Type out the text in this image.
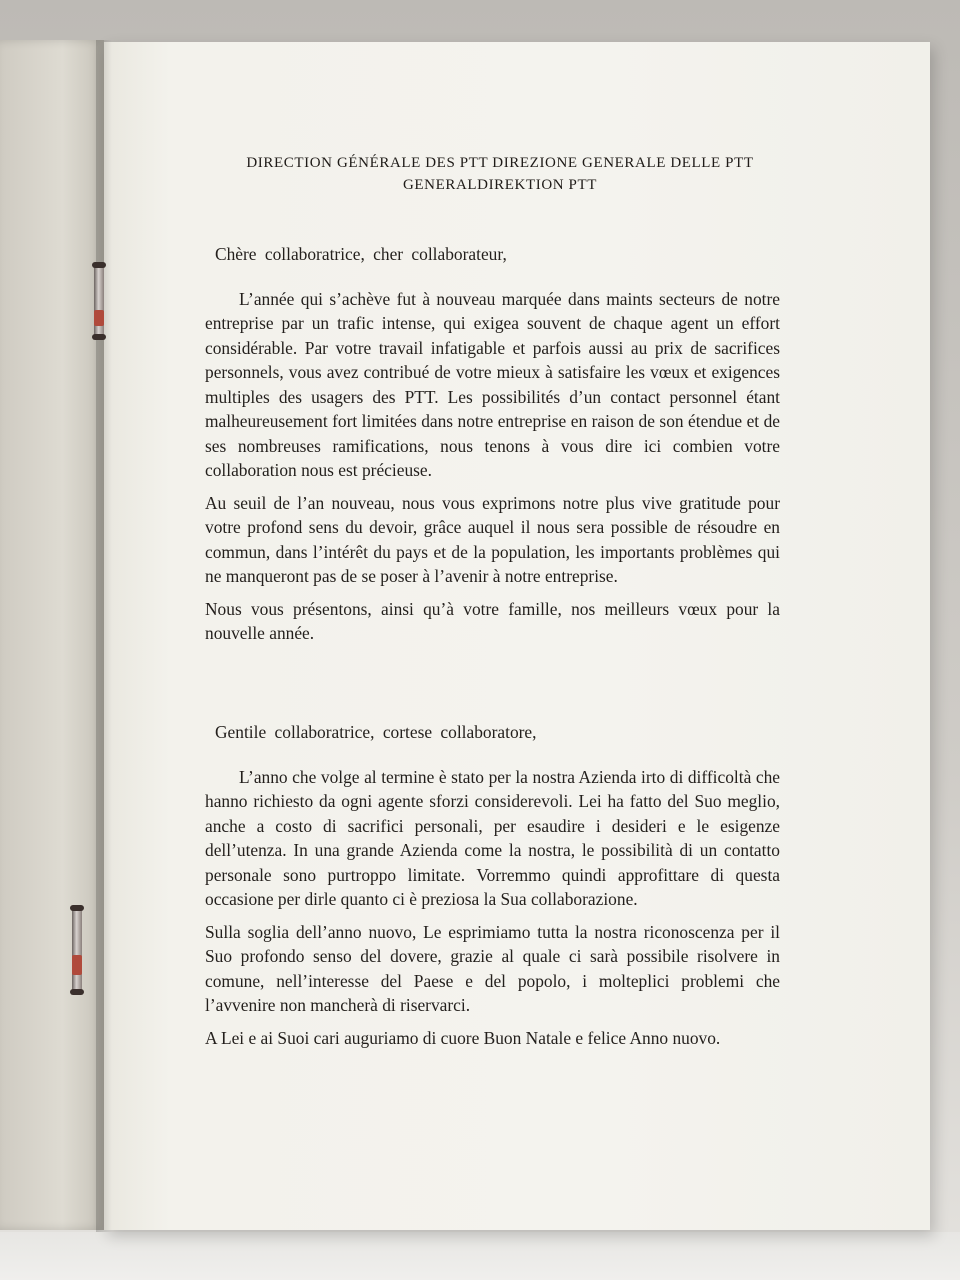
DIRECTION GÉNÉRALE DES PTT DIREZIONE GENERALE DELLE PTT
GENERALDIREKTION PTT
Chère collaboratrice, cher collaborateur,

L’année qui s’achève fut à nouveau marquée dans maints secteurs de notre entreprise par un trafic intense, qui exigea souvent de chaque agent un effort considérable. Par votre travail infatigable et parfois aussi au prix de sacrifices personnels, vous avez contribué de votre mieux à satisfaire les vœux et exigences multiples des usagers des PTT. Les possibilités d’un contact personnel étant malheureusement fort limitées dans notre entreprise en raison de son étendue et de ses nombreuses ramifications, nous tenons à vous dire ici combien votre collaboration nous est précieuse.

Au seuil de l’an nouveau, nous vous exprimons notre plus vive gratitude pour votre profond sens du devoir, grâce auquel il nous sera possible de résoudre en commun, dans l’intérêt du pays et de la population, les importants problèmes qui ne manqueront pas de se poser à l’avenir à notre entreprise.

Nous vous présentons, ainsi qu’à votre famille, nos meilleurs vœux pour la nouvelle année.

Gentile collaboratrice, cortese collaboratore,

L’anno che volge al termine è stato per la nostra Azienda irto di difficoltà che hanno richiesto da ogni agente sforzi considerevoli. Lei ha fatto del Suo meglio, anche a costo di sacrifici personali, per esaudire i desideri e le esigenze dell’utenza. In una grande Azienda come la nostra, le possibilità di un contatto personale sono purtroppo limitate. Vorremmo quindi approfittare di questa occasione per dirle quanto ci è preziosa la Sua collaborazione.

Sulla soglia dell’anno nuovo, Le esprimiamo tutta la nostra riconoscenza per il Suo profondo senso del dovere, grazie al quale ci sarà possibile risolvere in comune, nell’interesse del Paese e del popolo, i molteplici problemi che l’avvenire non mancherà di riservarci.

A Lei e ai Suoi cari auguriamo di cuore Buon Natale e felice Anno nuovo.
